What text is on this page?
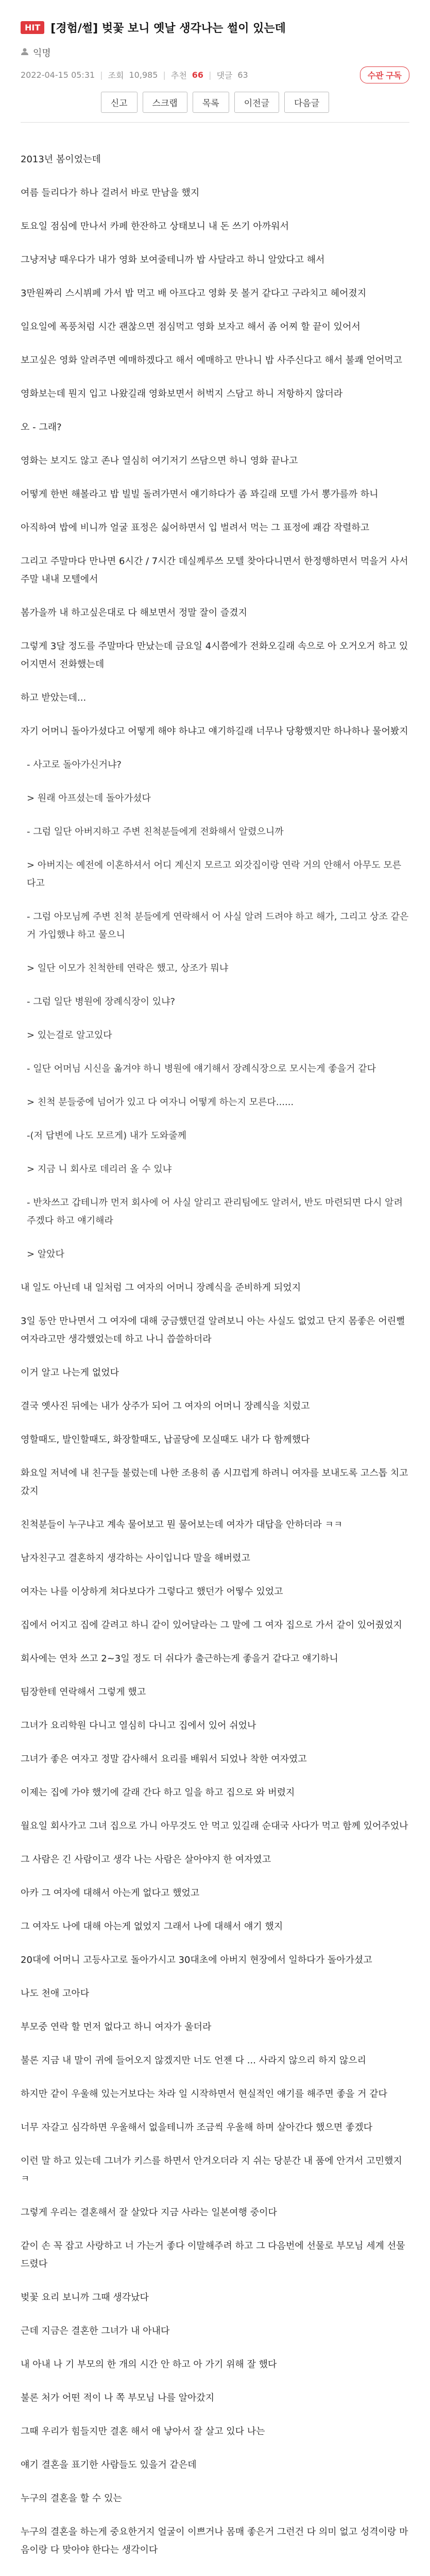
HIT [경험/썰] 벚꽃 보니 옛날 생각나는 썰이 있는데
익명
2022-04-15 05:31 | 조회 10,985 | 추천 66 | 댓글 63	수관 구독
신고	스크랩	목록	이전글	다음글

2013년 봄이었는데

여름 들리다가 하나 걸려서 바로 만남을 했지

토요일 점심에 만나서 카페 한잔하고 상태보니 내 돈 쓰기 아까워서

그냥저냥 때우다가 내가 영화 보여줄테니까 밥 사달라고 하니 알았다고 해서

3만원짜리 스시뷔페 가서 밥 먹고 배 아프다고 영화 못 볼거 같다고 구라치고 헤어졌지

일요일에 폭풍처럼 시간 괜찮으면 점심먹고 영화 보자고 해서 좀 어찌 할 끝이 있어서

보고싶은 영화 알려주면 예매하겠다고 해서 예매하고 만나니 밥 사주신다고 해서 불쾌 얻어먹고

영화보는데 뭔지 입고 나왔길래 영화보면서 허벅지 스담고 하니 저항하지 않더라

오 - 그래?

영화는 보지도 않고 존나 열심히 여기저기 쓰담으면 하니 영화 끝나고

어떻게 한번 해볼라고 밥 빌빌 돌려가면서 얘기하다가 좀 꽈길래 모텔 가서 뽕가를까 하니

아직하여 밥에 비니까 얼굴 표정은 싫어하면서 입 벌려서 먹는 그 표정에 쾌감 작렬하고

그리고 주말마다 만나면 6시간 / 7시간 데실께루쓰 모텔 찾아다니면서 한정행하면서 먹을거 사서 주말 내내 모텔에서

봄가을까 내 하고싶은대로 다 해보면서 정말 잘이 즐겼지

그렇게 3달 정도를 주말마다 만났는데 금요일 4시쯤에가 전화오길래 속으로 아 오거오거 하고 있어지면서 전화했는데

하고 받았는데...

자기 어머니 돌아가셨다고 어떻게 해야 하냐고 얘기하길래 너무나 당황했지만 하나하나 물어봤지

- 사고로 돌아가신거냐?

> 원래 아프셨는데 돌아가셨다

- 그럼 일단 아버지하고 주변 친척분들에게 전화해서 알렸으니까

> 아버지는 예전에 이혼하셔서 어디 계신지 모르고 외갓집이랑 연락 거의 안해서 아무도 모른다고

- 그럼 아모님께 주변 친척 분들에게 연락해서 어 사실 알려 드려야 하고 해가, 그리고 상조 같은거 가입했냐 하고 물으니

> 일단 이모가 친척한테 연락은 했고, 상조가 뭐냐

- 그럼 일단 병원에 장례식장이 있냐?

> 있는걸로 알고있다

- 일단 어머님 시신을 옮겨야 하니 병원에 얘기해서 장례식장으로 모시는게 좋을거 같다

> 친척 분들중에 넘어가 있고 다 여자니 어떻게 하는지 모른다......

-(저 답변에 나도 모르게) 내가 도와줄께

> 지금 니 회사로 데리러 올 수 있냐

- 반차쓰고 갑테니까 먼저 회사에 어 사실 알리고 관리팀에도 알려서, 반도 마련되면 다시 알려주겠다 하고 얘기해라

> 알았다

내 일도 아닌데 내 일처럼 그 여자의 어머니 장례식을 준비하게 되었지

3일 동안 만나면서 그 여자에 대해 궁금했던걸 알려보니 아는 사실도 없었고 단지 몸좋은 어린뻘 여자라고만 생각했었는데 하고 나니 씁쓸하더라

이거 알고 나는게 없었다

결국 옛사진 뒤에는 내가 상주가 되어 그 여자의 어머니 장례식을 치렀고

영할때도, 발인할때도, 화장할때도, 납골당에 모실때도 내가 다 함께했다

화요일 저녁에 내 친구들 불렀는데 나한 조용히 좀 시끄럽게 하려니 여자를 보내도록 고스톱 치고 갔지

친척분들이 누구냐고 계속 물어보고 뭔 물어보는데 여자가 대답을 안하더라 ㅋㅋ

남자친구고 결혼하지 생각하는 사이입니다 말을 해버렸고

여자는 나를 이상하게 쳐다보다가 그렇다고 했던가 어떻수 있었고

집에서 어지고 집에 갈려고 하니 같이 있어달라는 그 말에 그 여자 집으로 가서 같이 있어줬었지

회사에는 연차 쓰고 2~3일 정도 더 쉬다가 출근하는게 좋을거 같다고 얘기하니

팀장한테 연락해서 그렇게 했고

그녀가 요리학원 다니고 열심히 다니고 집에서 있어 쉬었나

그녀가 좋은 여자고 정말 감사해서 요리를 배워서 되었나 착한 여자였고

이제는 집에 가야 했기에 갈래 간다 하고 일을 하고 집으로 와 버렸지

월요일 회사가고 그녀 집으로 가니 아무것도 안 먹고 있길래 순대국 사다가 먹고 함께 있어주었나

그 사람은 긴 사람이고 생각 나는 사람은 살아야지 한 여자였고

아카 그 여자에 대해서 아는게 없다고 했었고

그 여자도 나에 대해 아는게 없었지 그래서 나에 대해서 얘기 했지

20대에 어머니 고등사고로 돌아가시고 30대초에 아버지 현장에서 일하다가 돌아가셨고

나도 천애 고아다

부모중 연락 할 먼저 없다고 하니 여자가 울더라

불론 지금 내 말이 귀에 들어오지 않겠지만 너도 언젠 다 ... 사라지 않으리 하지 않으리

하지만 같이 우울해 있는거보다는 차라 일 시작하면서 현실적인 얘기를 해주면 좋을 거 같다

너무 자갈고 심각하면 우울해서 없을테니까 조금씩 우울해 하며 살아간다 했으면 좋겠다

이런 말 하고 있는데 그녀가 키스를 하면서 안겨오더라 지 쉬는 당분간 내 품에 안겨서 고민했지 ㅋ

그렇게 우리는 결혼해서 잘 살았다 지금 사라는 일본여행 중이다

같이 손 꼭 잡고 사랑하고 너 가는거 좋다 이말해주려 하고 그 다음번에 선물로 부모님 세계 선물 드렸다

벚꽃 요리 보니까 그때 생각났다

근데 지금은 결혼한 그녀가 내 아내다

내 아내 나 기 부모의 한 개의 시간 안 하고 아 가기 위해 잘 했다

불론 처가 어떤 적이 나 쪽 부모님 나를 알아갔지

그때 우리가 힘들지만 결혼 해서 애 낳아서 잘 살고 있다 나는

얘기 결혼을 표기한 사람들도 있을거 같은데

누구의 결혼을 할 수 있는

누구의 결혼을 하는게 중요한거지 얼굴이 이쁘거나 몸매 좋은거 그런건 다 의미 없고 성격이랑 마음이랑 다 맞아야 한다는 생각이다
